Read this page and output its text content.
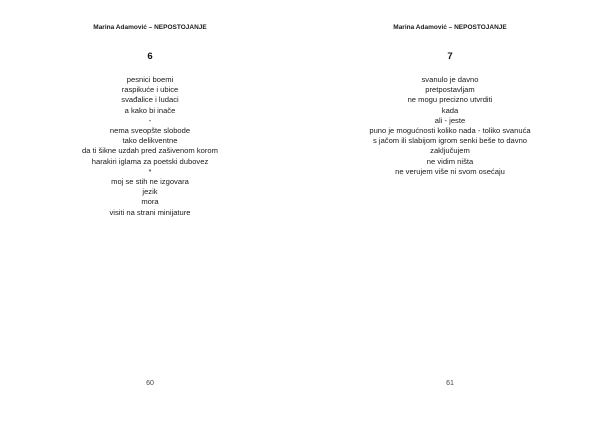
Marina Adamović – NEPOSTOJANJE
6
pesnici boemi
raspikuće i ubice
svađalice i ludaci
a kako bi inače
-
nema sveopšte slobode
tako delikventne
da ti šikne uzdah pred zašivenom korom
harakiri iglama za poetski dubovez
*
moj se stih ne izgovara
jezik
mora
visiti na strani minijature
60
Marina Adamović – NEPOSTOJANJE
7
svanulo je davno
pretpostavljam
ne mogu precizno utvrditi
kada
ali - jeste
puno je mogućnosti koliko nada - toliko svanuća
s jačom ili slabijom igrom senki beše to davno
zaključujem
ne vidim ništa
ne verujem više ni svom osećaju
61
